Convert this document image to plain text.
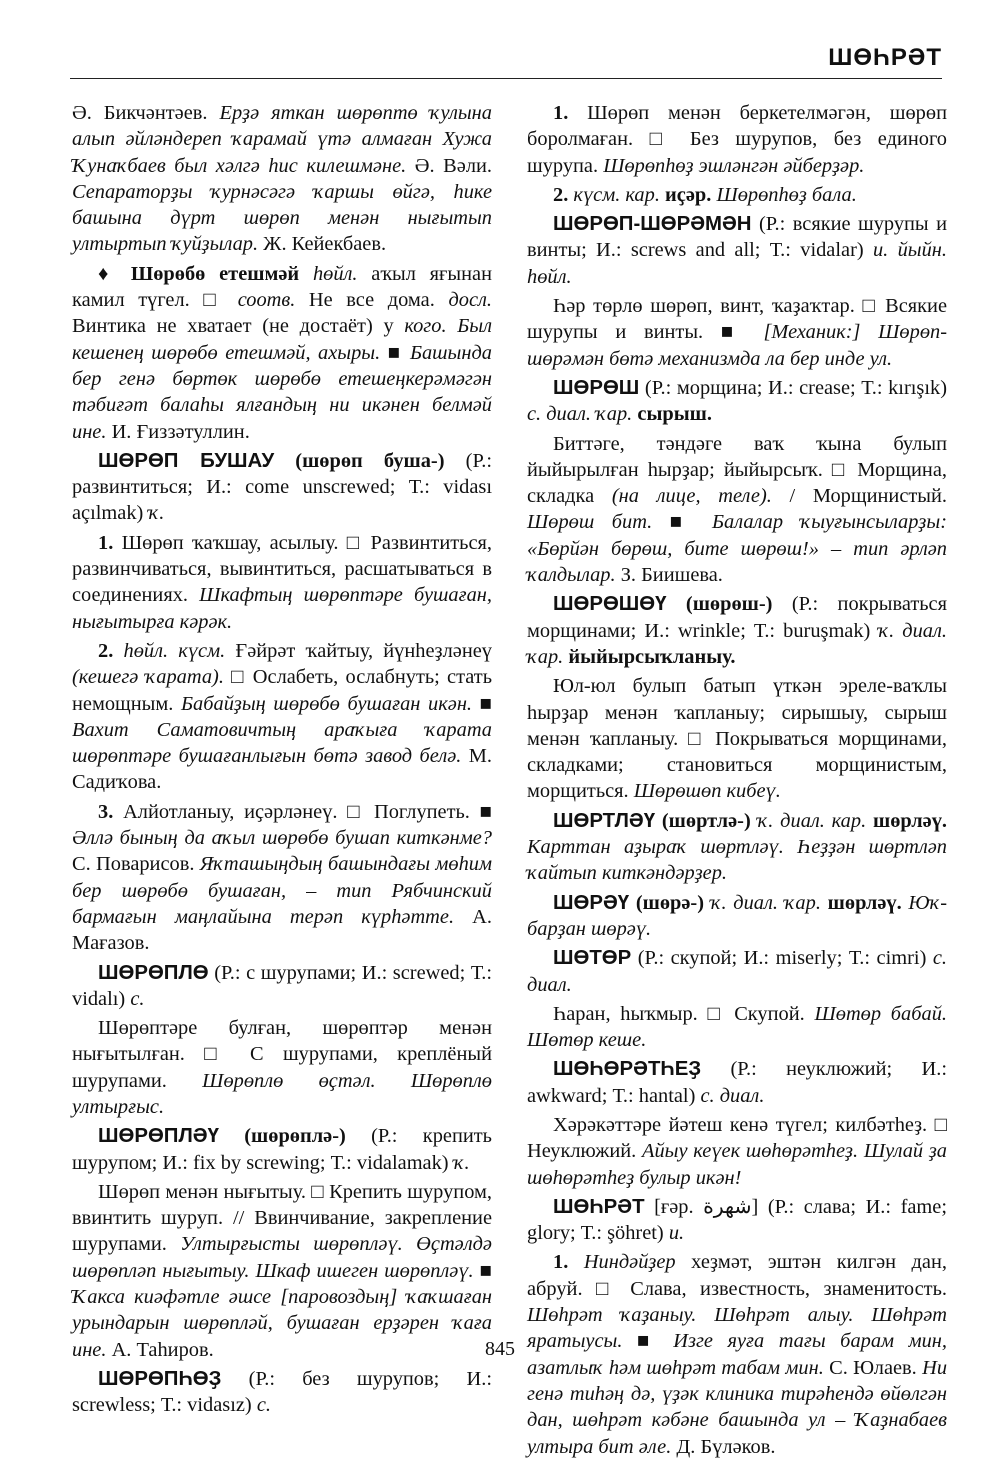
ШӨҺРӘТ

Ә. Бикчәнтәев. Ерҙә яткан шөрөптө ҡулына алып әйләндереп ҡарамай үтә алмаған Хужа Ҡунаҡбаев был хәлгә һис килешмәне. Ә. Вәли. Сепараторҙы ҡурнәсәгә ҡаршы өйгә, һике башына дүрт шөрөп менән нығытып ултыртып ҡуйҙылар. Ж. Кейекбаев.

♦ Шөрөбө етешмәй һөйл. аҡыл яғынан камил түгел. □ соотв. Не все дома. досл. Винтика не хватает (не достаёт) у кого. Был кешенең шөрөбө етешмәй, ахыры. ■ Башында бер генә бөртөк шөрөбө етешеңкерәмәгән тәбиғәт балаһы ялғандың ни икәнен белмәй ине. И. Ғиззәтуллин.

ШӨРӨП БУШАУ (шөрөп буша-) (Р.: развинтиться; И.: come unscrewed; Т.: vidası açılmak) ҡ.

1. Шөрөп ҡаҡшау, асылыу. □ Развинтиться, развинчиваться, вывинтиться, расшатываться в соединениях. Шкафтың шөрөптәре бушаған, нығытырға кәрәк.

2. һөйл. күсм. Ғәйрәт ҡайтыу, йүнһеҙләнеү (кешегә ҡарата). □ Ослабеть, ослабнуть; стать немощным. Бабайҙың шөрөбө бушаған икән. ■ Вахит Саматовичтың араҡыға ҡарата шөрөптәре бушағанлығын бөтә завод белә. М. Садиҡова.

3. Алйотланыу, иҫәрләнеү. □ Поглупеть. ■ Әллә бының да аҡыл шөрөбө бушап киткәнме? С. Поварисов. Яҡташыңдың башындағы мөһим бер шөрөбө бушаған, – тип Рябчинский бармағын маңлайына терәп күрһәтте. А. Мағазов.

ШӨРӨПЛӨ (Р.: с шурупами; И.: screwed; Т.: vidalı) с.

Шөрөптәре булған, шөрөптәр менән нығытылған. □ С шурупами, креплёный шурупами. Шөрөплө өҫтәл. Шөрөплө ултырғыс.

ШӨРӨПЛӘҮ (шөрөплә-) (Р.: крепить шурупом; И.: fix by screwing; Т.: vidalamak) ҡ.

Шөрөп менән нығытыу. □ Крепить шурупом, ввинтить шуруп. // Ввинчивание, закрепление шурупами. Ултырғысты шөрөпләү. Өҫтәлдә шөрөпләп нығытыу. Шкаф ишеген шөрөпләү. ■ Ҡакса киәфәтле әшсе [паровоздың] ҡаҡшаған урындарын шөрөпләй, бушаған ерҙәрен ҡаға ине. А. Таһиров.

ШӨРӨПҺӨҘ (Р.: без шурупов; И.: screwless; Т.: vidasız) с.

1. Шөрөп менән беркетелмәгән, шөрөп боролмаған. □ Без шурупов, без единого шурупа. Шөрөпһөҙ эшләнгән әйберҙәр.

2. күсм. кар. иҫәр. Шөрөпһөҙ бала.

ШӨРӨП-ШӨРӘМӘН (Р.: всякие шурупы и винты; И.: screws and all; Т.: vidalar) и. йыйн. һөйл.

Һәр төрлө шөрөп, винт, ҡаҙаҡтар. □ Всякие шурупы и винты. ■ [Механик:] Шөрөп-шөрәмән бөтә механизмда ла бер инде ул.

ШӨРӨШ (Р.: морщина; И.: crease; Т.: kırışık) с. диал. ҡар. сырыш.

Биттәге, тәндәге ваҡ ҡына булып йыйырылған һырҙар; йыйырсыҡ. □ Морщина, складка (на лице, теле). / Морщинистый. Шөрөш бит. ■ Балалар ҡыуғынсыларҙы: «Бөрйән бөрөш, бите шөрөш!» – тип әрләп ҡалдылар. З. Биишева.

ШӨРӨШӨҮ (шөрөш-) (Р.: покрываться морщинами; И.: wrinkle; Т.: buruşmak) ҡ. диал. ҡар. йыйырсыҡланыу.

Юл-юл булып батып үткән эреле-ваҡлы һырҙар менән ҡапланыу; сирышыу, сырыш менән ҡапланыу. □ Покрываться морщинами, складками; становиться морщинистым, морщиться. Шөрөшөп кибеү.

ШӨРТЛӘҮ (шөртлә-) ҡ. диал. кар. шөрләү. Карттан аҙыраҡ шөртләү. Һеҙҙән шөртләп ҡайтып киткәндәрҙер.

ШӨРӘҮ (шөрә-) ҡ. диал. ҡар. шөрләү. Юҡ-барҙан шөрәү.

ШӨТӨР (Р.: скупой; И.: miserly; Т.: cimri) с. диал.

Һаран, һыҡмыр. □ Скупой. Шөтөр бабай. Шөтөр кеше.

ШӨҺӨРӘТҺЕҘ (Р.: неуклюжий; И.: awkward; Т.: hantal) с. диал.

Хәрәкәттәре йәтеш кенә түгел; килбәтһеҙ. □ Неуклюжий. Айыу кеүек шөһөрәтһеҙ. Шулай ҙа шөһөрәтһеҙ булыр икән!

ШӨҺРӘТ [ғәр. شهرة] (Р.: слава; И.: fame; glory; Т.: şöhret) и.

1. Ниндәйҙер хеҙмәт, эштән килгән дан, абруй. □ Слава, известность, знаменитость. Шөһрәт ҡаҙаныу. Шөһрәт алыу. Шөһрәт яратыусы. ■ Изге яуға тағы барам мин, азатлыҡ һәм шөһрәт табам мин. С. Юлаев. Ни генә тиһәң дә, үҙәк клиника тирәһендә өйөлгән дан, шөһрәт кәбәне башында ул – Ҡаҙнабаев ултыра бит әле. Д. Бүләков.

845
